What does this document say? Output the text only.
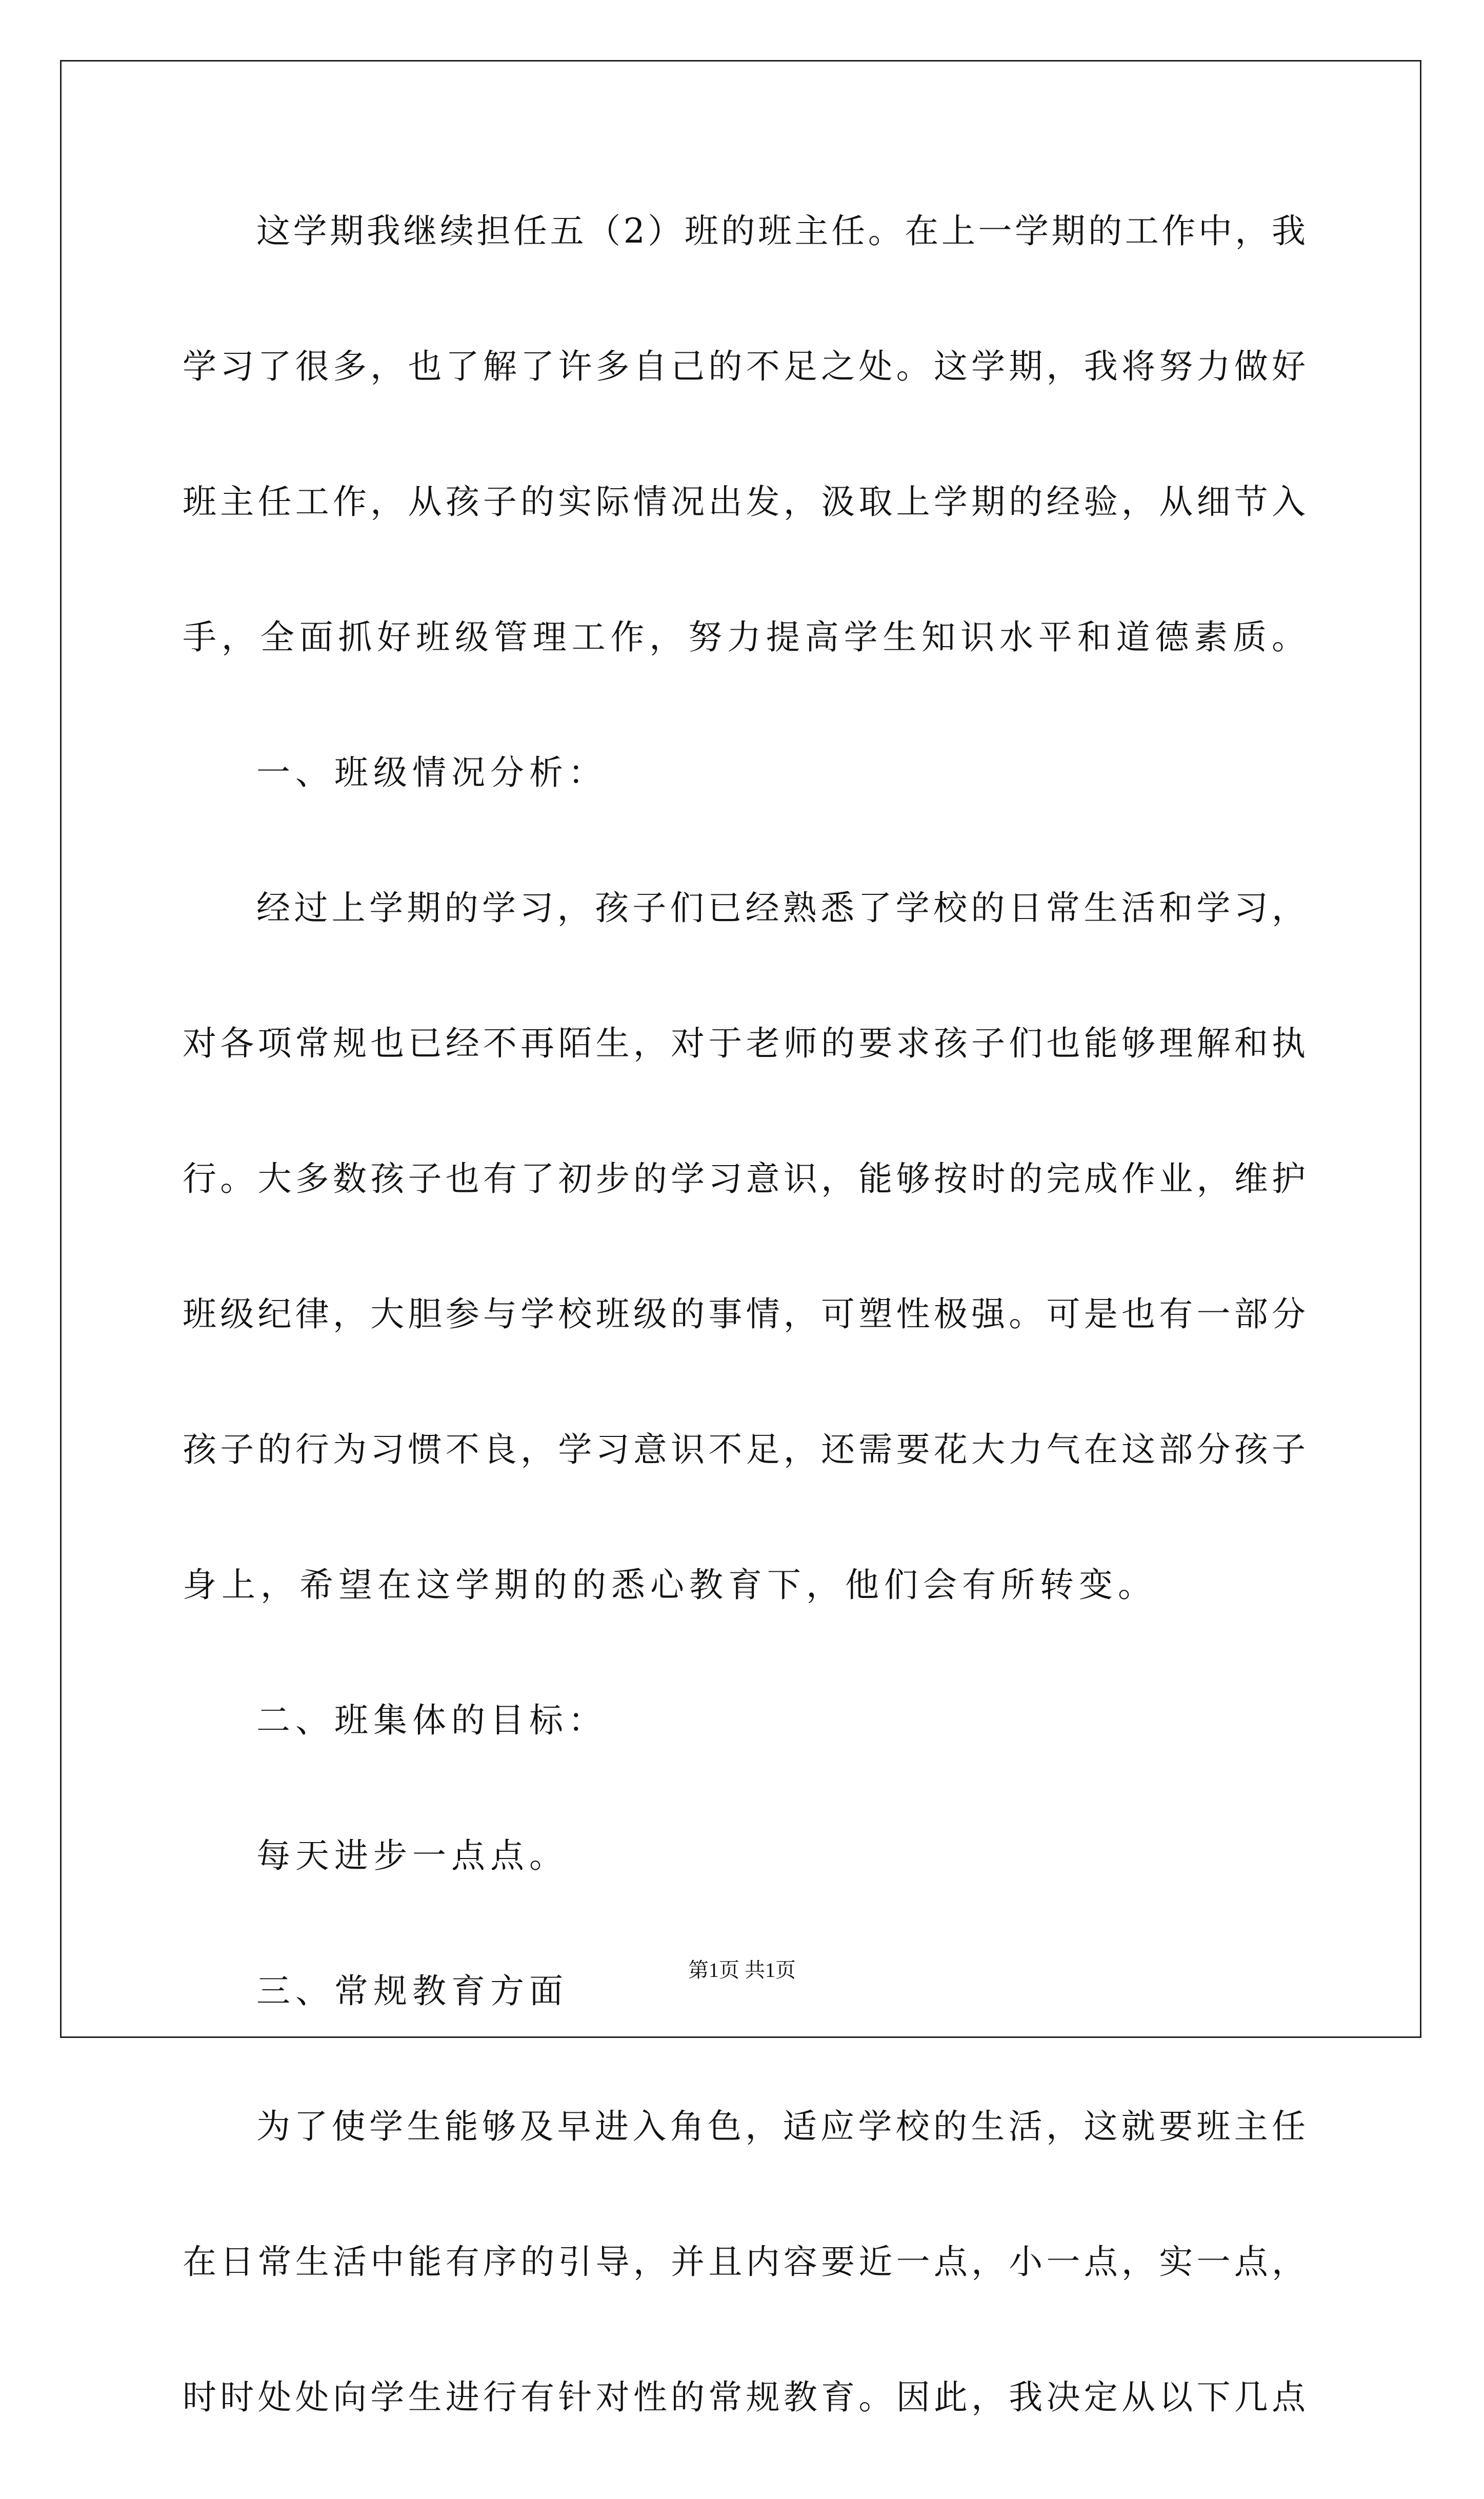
这学期我继续担任五（2）班的班主任。在上一学期的工作中，我
学习了很多，也了解了许多自己的不足之处。这学期，我将努力做好
班主任工作，从孩子的实际情况出发，汲取上学期的经验，从细节入
手，全面抓好班级管理工作，努力提高学生知识水平和道德素质。
一、班级情况分析：
经过上学期的学习，孩子们已经熟悉了学校的日常生活和学习，
对各项常规也已经不再陌生，对于老师的要求孩子们也能够理解和执
行。大多数孩子也有了初步的学习意识，能够按时的完成作业，维护
班级纪律，大胆参与学校班级的事情，可塑性极强。可是也有一部分
孩子的行为习惯不良，学习意识不足，还需要花大力气在这部分孩子
身上，希望在这学期的的悉心教育下，他们会有所转变。
二、班集体的目标：
每天进步一点点。
三、常规教育方面
为了使学生能够及早进入角色，适应学校的生活，这就要班主任
在日常生活中能有序的引导，并且内容要近一点，小一点，实一点，
时时处处向学生进行有针对性的常规教育。因此，我决定从以下几点
第1页 共1页
